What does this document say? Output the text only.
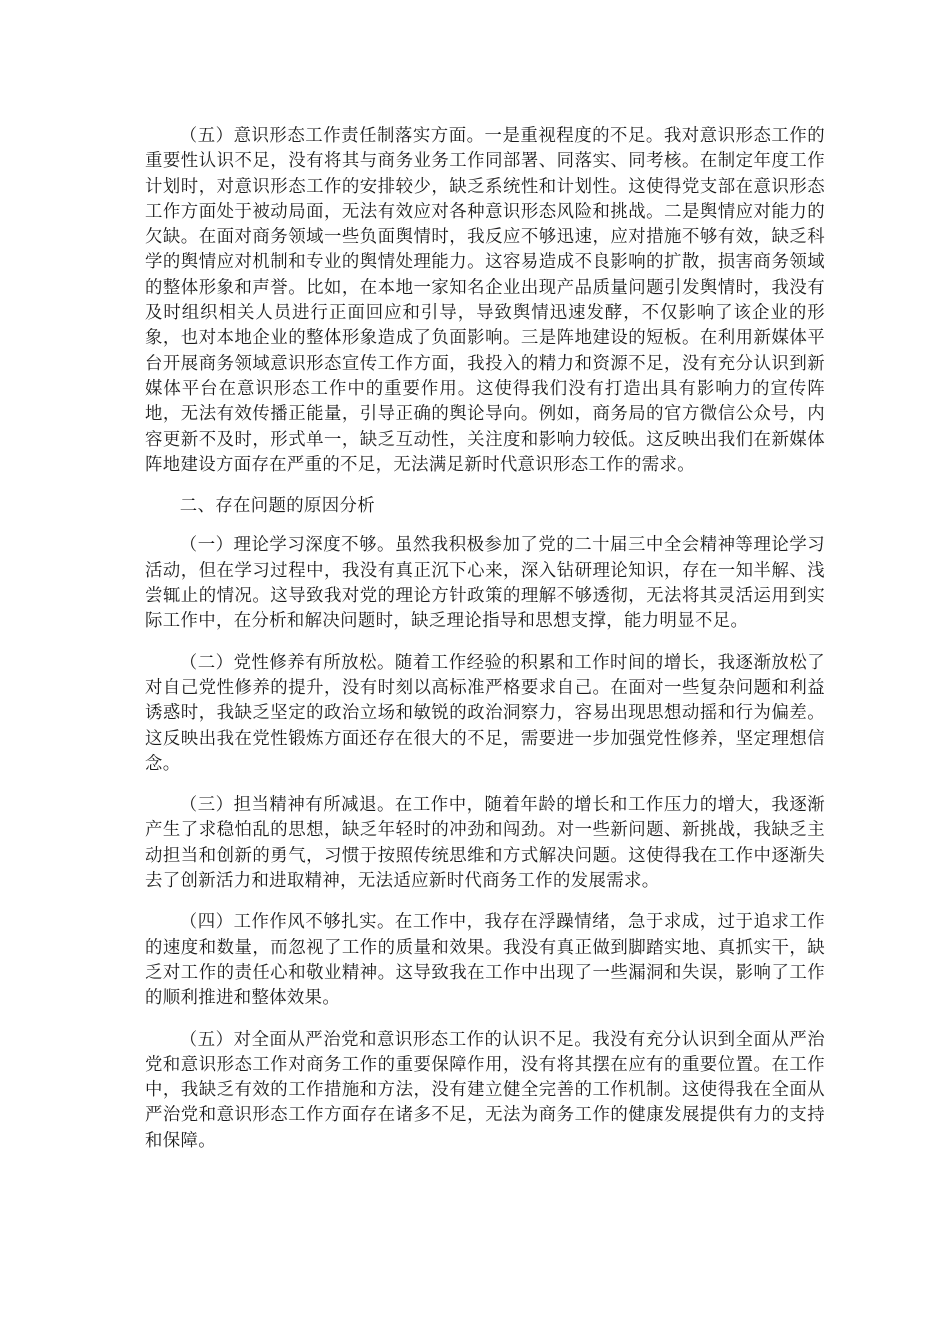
（五）意识形态工作责任制落实方面。一是重视程度的不足。我对意识形态工作的重要性认识不足，没有将其与商务业务工作同部署、同落实、同考核。在制定年度工作计划时，对意识形态工作的安排较少，缺乏系统性和计划性。这使得党支部在意识形态工作方面处于被动局面，无法有效应对各种意识形态风险和挑战。二是舆情应对能力的欠缺。在面对商务领域一些负面舆情时，我反应不够迅速，应对措施不够有效，缺乏科学的舆情应对机制和专业的舆情处理能力。这容易造成不良影响的扩散，损害商务领域的整体形象和声誉。比如，在本地一家知名企业出现产品质量问题引发舆情时，我没有及时组织相关人员进行正面回应和引导，导致舆情迅速发酵，不仅影响了该企业的形象，也对本地企业的整体形象造成了负面影响。三是阵地建设的短板。在利用新媒体平台开展商务领域意识形态宣传工作方面，我投入的精力和资源不足，没有充分认识到新媒体平台在意识形态工作中的重要作用。这使得我们没有打造出具有影响力的宣传阵地，无法有效传播正能量，引导正确的舆论导向。例如，商务局的官方微信公众号，内容更新不及时，形式单一，缺乏互动性，关注度和影响力较低。这反映出我们在新媒体阵地建设方面存在严重的不足，无法满足新时代意识形态工作的需求。

二、存在问题的原因分析

（一）理论学习深度不够。虽然我积极参加了党的二十届三中全会精神等理论学习活动，但在学习过程中，我没有真正沉下心来，深入钻研理论知识，存在一知半解、浅尝辄止的情况。这导致我对党的理论方针政策的理解不够透彻，无法将其灵活运用到实际工作中，在分析和解决问题时，缺乏理论指导和思想支撑，能力明显不足。

（二）党性修养有所放松。随着工作经验的积累和工作时间的增长，我逐渐放松了对自己党性修养的提升，没有时刻以高标准严格要求自己。在面对一些复杂问题和利益诱惑时，我缺乏坚定的政治立场和敏锐的政治洞察力，容易出现思想动摇和行为偏差。这反映出我在党性锻炼方面还存在很大的不足，需要进一步加强党性修养，坚定理想信念。

（三）担当精神有所减退。在工作中，随着年龄的增长和工作压力的增大，我逐渐产生了求稳怕乱的思想，缺乏年轻时的冲劲和闯劲。对一些新问题、新挑战，我缺乏主动担当和创新的勇气，习惯于按照传统思维和方式解决问题。这使得我在工作中逐渐失去了创新活力和进取精神，无法适应新时代商务工作的发展需求。

（四）工作作风不够扎实。在工作中，我存在浮躁情绪，急于求成，过于追求工作的速度和数量，而忽视了工作的质量和效果。我没有真正做到脚踏实地、真抓实干，缺乏对工作的责任心和敬业精神。这导致我在工作中出现了一些漏洞和失误，影响了工作的顺利推进和整体效果。

（五）对全面从严治党和意识形态工作的认识不足。我没有充分认识到全面从严治党和意识形态工作对商务工作的重要保障作用，没有将其摆在应有的重要位置。在工作中，我缺乏有效的工作措施和方法，没有建立健全完善的工作机制。这使得我在全面从严治党和意识形态工作方面存在诸多不足，无法为商务工作的健康发展提供有力的支持和保障。
